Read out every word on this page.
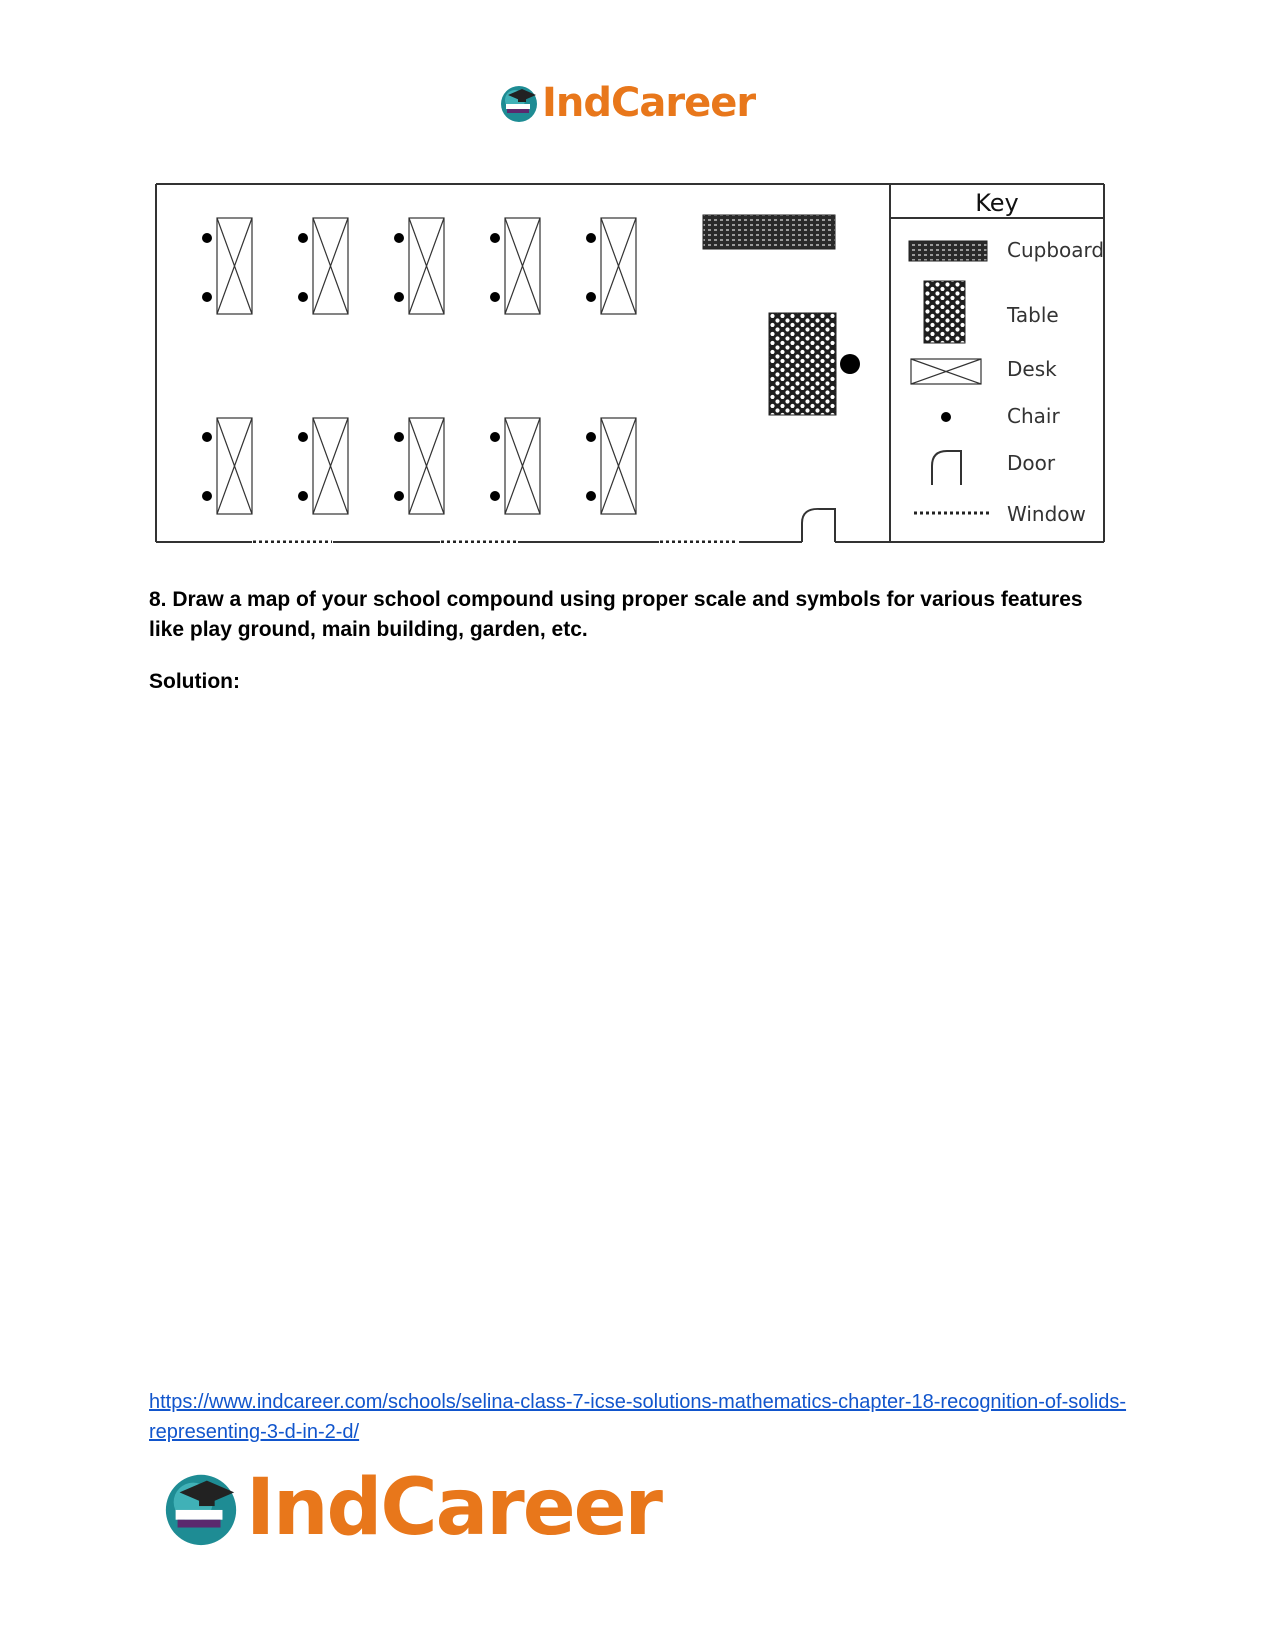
IndCareer
Key
Cupboard
Table
Desk
Chair
Door
Window

8. Draw a map of your school compound using proper scale and symbols for various features like play ground, main building, garden, etc.

Solution:

https://www.indcareer.com/schools/selina-class-7-icse-solutions-mathematics-chapter-18-recognition-of-solids-representing-3-d-in-2-d/
IndCareer
